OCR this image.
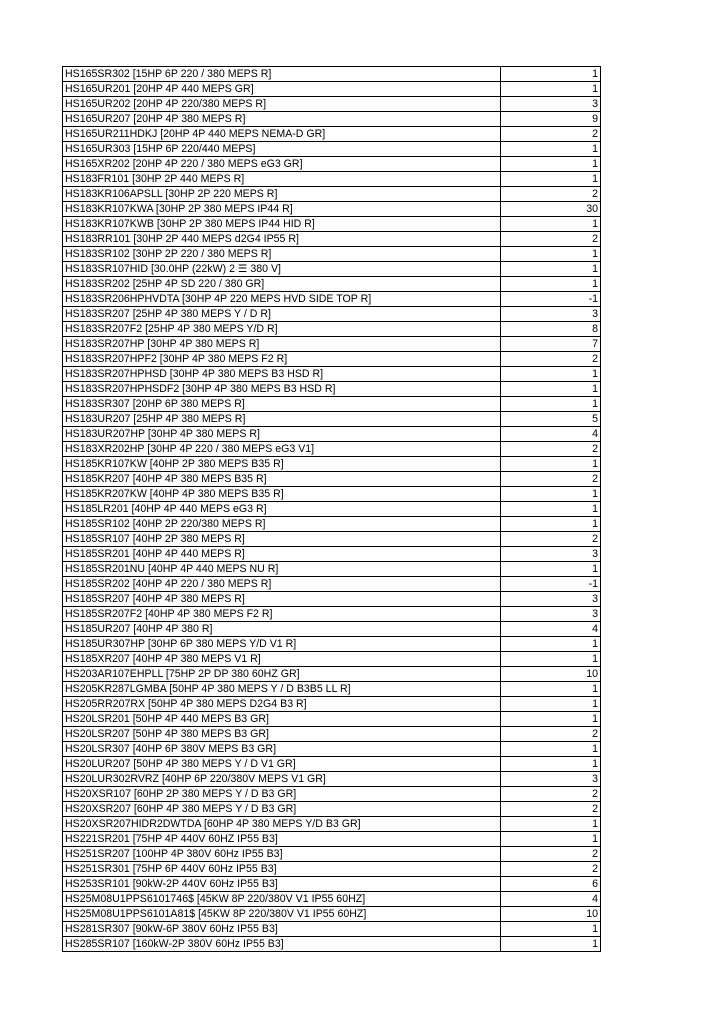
HS165SR302 [15HP 6P 220 / 380 MEPS R]	1
HS165UR201 [20HP 4P 440 MEPS GR]	1
HS165UR202 [20HP 4P 220/380 MEPS R]	3
HS165UR207 [20HP 4P 380 MEPS R]	9
HS165UR211HDKJ [20HP 4P 440 MEPS NEMA-D GR]	2
HS165UR303 [15HP 6P 220/440 MEPS]	1
HS165XR202 [20HP 4P 220 / 380 MEPS eG3 GR]	1
HS183FR101 [30HP 2P 440 MEPS R]	1
HS183KR106APSLL [30HP 2P 220 MEPS R]	2
HS183KR107KWA [30HP 2P 380 MEPS IP44 R]	30
HS183KR107KWB [30HP 2P 380 MEPS IP44 HID R]	1
HS183RR101 [30HP 2P 440 MEPS d2G4 IP55 R]	2
HS183SR102 [30HP 2P 220 / 380 MEPS R]	1
HS183SR107HID [30.0HP (22kW) 2 ☰ 380 V]	1
HS183SR202 [25HP 4P SD 220 / 380 GR]	1
HS183SR206HPHVDTA [30HP 4P 220 MEPS HVD SIDE TOP R]	-1
HS183SR207 [25HP 4P 380 MEPS Y / D R]	3
HS183SR207F2 [25HP 4P 380 MEPS Y/D R]	8
HS183SR207HP [30HP 4P 380 MEPS R]	7
HS183SR207HPF2 [30HP 4P 380 MEPS F2 R]	2
HS183SR207HPHSD [30HP 4P 380 MEPS B3 HSD R]	1
HS183SR207HPHSDF2 [30HP 4P 380 MEPS B3 HSD R]	1
HS183SR307 [20HP 6P 380 MEPS R]	1
HS183UR207 [25HP 4P 380 MEPS R]	5
HS183UR207HP [30HP 4P 380 MEPS R]	4
HS183XR202HP [30HP 4P 220 / 380 MEPS eG3 V1]	2
HS185KR107KW [40HP 2P 380 MEPS B35 R]	1
HS185KR207 [40HP 4P 380 MEPS B35 R]	2
HS185KR207KW [40HP 4P 380 MEPS B35 R]	1
HS185LR201 [40HP 4P 440 MEPS eG3 R]	1
HS185SR102 [40HP 2P 220/380 MEPS R]	1
HS185SR107 [40HP 2P 380 MEPS R]	2
HS185SR201 [40HP 4P 440 MEPS R]	3
HS185SR201NU [40HP 4P 440 MEPS NU R]	1
HS185SR202 [40HP 4P 220 / 380 MEPS R]	-1
HS185SR207 [40HP 4P 380 MEPS R]	3
HS185SR207F2 [40HP 4P 380 MEPS F2 R]	3
HS185UR207 [40HP 4P 380 R]	4
HS185UR307HP [30HP 6P 380 MEPS Y/D V1 R]	1
HS185XR207 [40HP 4P 380 MEPS V1 R]	1
HS203AR107EHPLL [75HP 2P DP 380 60HZ GR]	10
HS205KR287LGMBA [50HP 4P 380 MEPS Y / D B3B5 LL R]	1
HS205RR207RX [50HP 4P 380 MEPS D2G4 B3 R]	1
HS20LSR201 [50HP 4P 440 MEPS B3 GR]	1
HS20LSR207 [50HP 4P 380 MEPS B3 GR]	2
HS20LSR307 [40HP 6P 380V MEPS B3 GR]	1
HS20LUR207 [50HP 4P 380 MEPS Y / D V1 GR]	1
HS20LUR302RVRZ [40HP 6P 220/380V MEPS V1 GR]	3
HS20XSR107 [60HP 2P 380 MEPS Y / D B3 GR]	2
HS20XSR207 [60HP 4P 380 MEPS Y / D B3 GR]	2
HS20XSR207HIDR2DWTDA [60HP 4P 380 MEPS Y/D B3 GR]	1
HS221SR201 [75HP 4P 440V 60HZ IP55 B3]	1
HS251SR207 [100HP 4P 380V 60Hz IP55 B3]	2
HS251SR301 [75HP 6P 440V 60Hz IP55 B3]	2
HS253SR101 [90kW-2P 440V 60Hz IP55 B3]	6
HS25M08U1PPS6101746$ [45KW 8P 220/380V V1 IP55 60HZ]	4
HS25M08U1PPS6101A81$ [45KW 8P 220/380V V1 IP55 60HZ]	10
HS281SR307 [90kW-6P 380V 60Hz IP55 B3]	1
HS285SR107 [160kW-2P 380V 60Hz IP55 B3]	1
